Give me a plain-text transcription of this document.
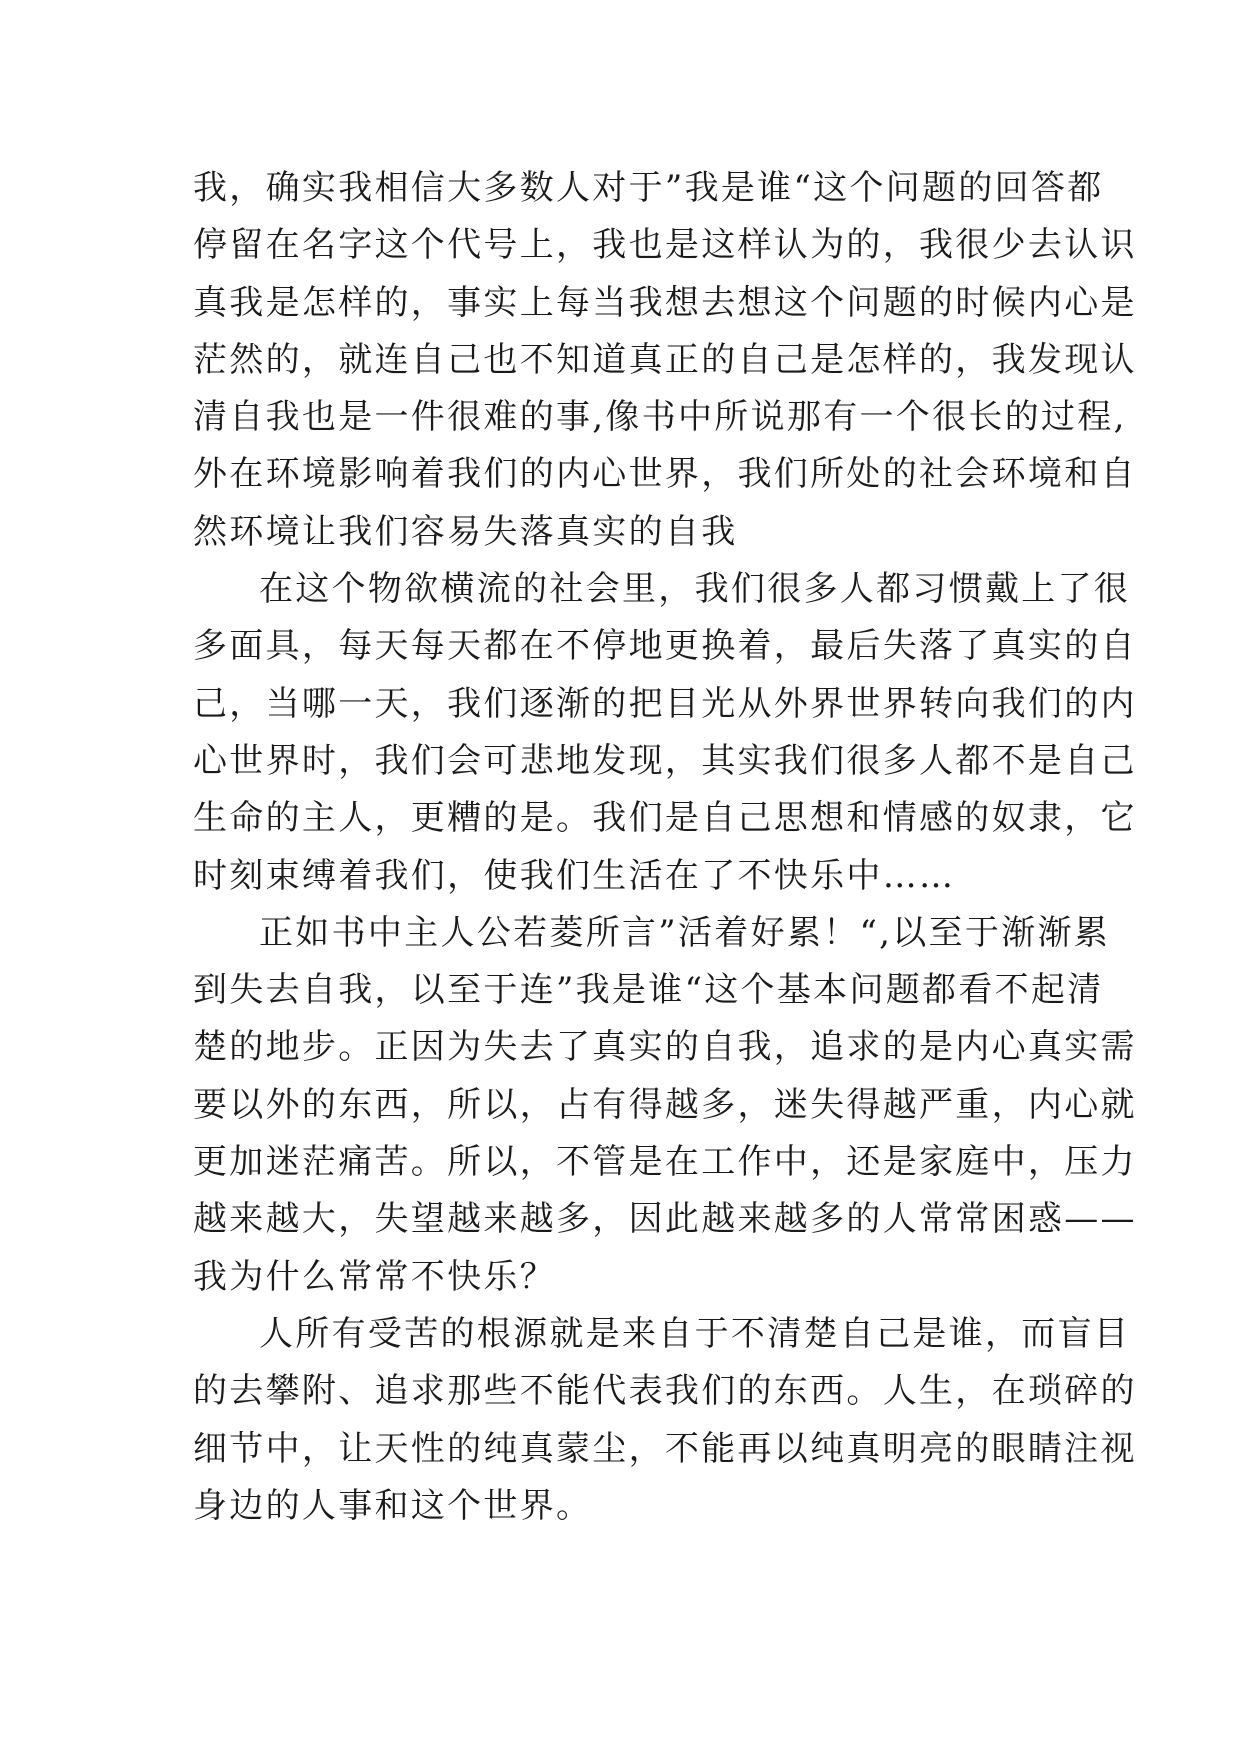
我，确实我相信大多数人对于”我是谁“这个问题的回答都
停留在名字这个代号上，我也是这样认为的，我很少去认识
真我是怎样的，事实上每当我想去想这个问题的时候内心是
茫然的，就连自己也不知道真正的自己是怎样的，我发现认
清自我也是一件很难的事,像书中所说那有一个很长的过程,
外在环境影响着我们的内心世界，我们所处的社会环境和自
然环境让我们容易失落真实的自我
在这个物欲横流的社会里，我们很多人都习惯戴上了很
多面具，每天每天都在不停地更换着，最后失落了真实的自
己，当哪一天，我们逐渐的把目光从外界世界转向我们的内
心世界时，我们会可悲地发现，其实我们很多人都不是自己
生命的主人，更糟的是。我们是自己思想和情感的奴隶，它
时刻束缚着我们，使我们生活在了不快乐中……
正如书中主人公若菱所言”活着好累！“,以至于渐渐累
到失去自我，以至于连”我是谁“这个基本问题都看不起清
楚的地步。正因为失去了真实的自我，追求的是内心真实需
要以外的东西，所以，占有得越多，迷失得越严重，内心就
更加迷茫痛苦。所以，不管是在工作中，还是家庭中，压力
越来越大，失望越来越多，因此越来越多的人常常困惑——
我为什么常常不快乐？
人所有受苦的根源就是来自于不清楚自己是谁，而盲目
的去攀附、追求那些不能代表我们的东西。人生，在琐碎的
细节中，让天性的纯真蒙尘，不能再以纯真明亮的眼睛注视
身边的人事和这个世界。
